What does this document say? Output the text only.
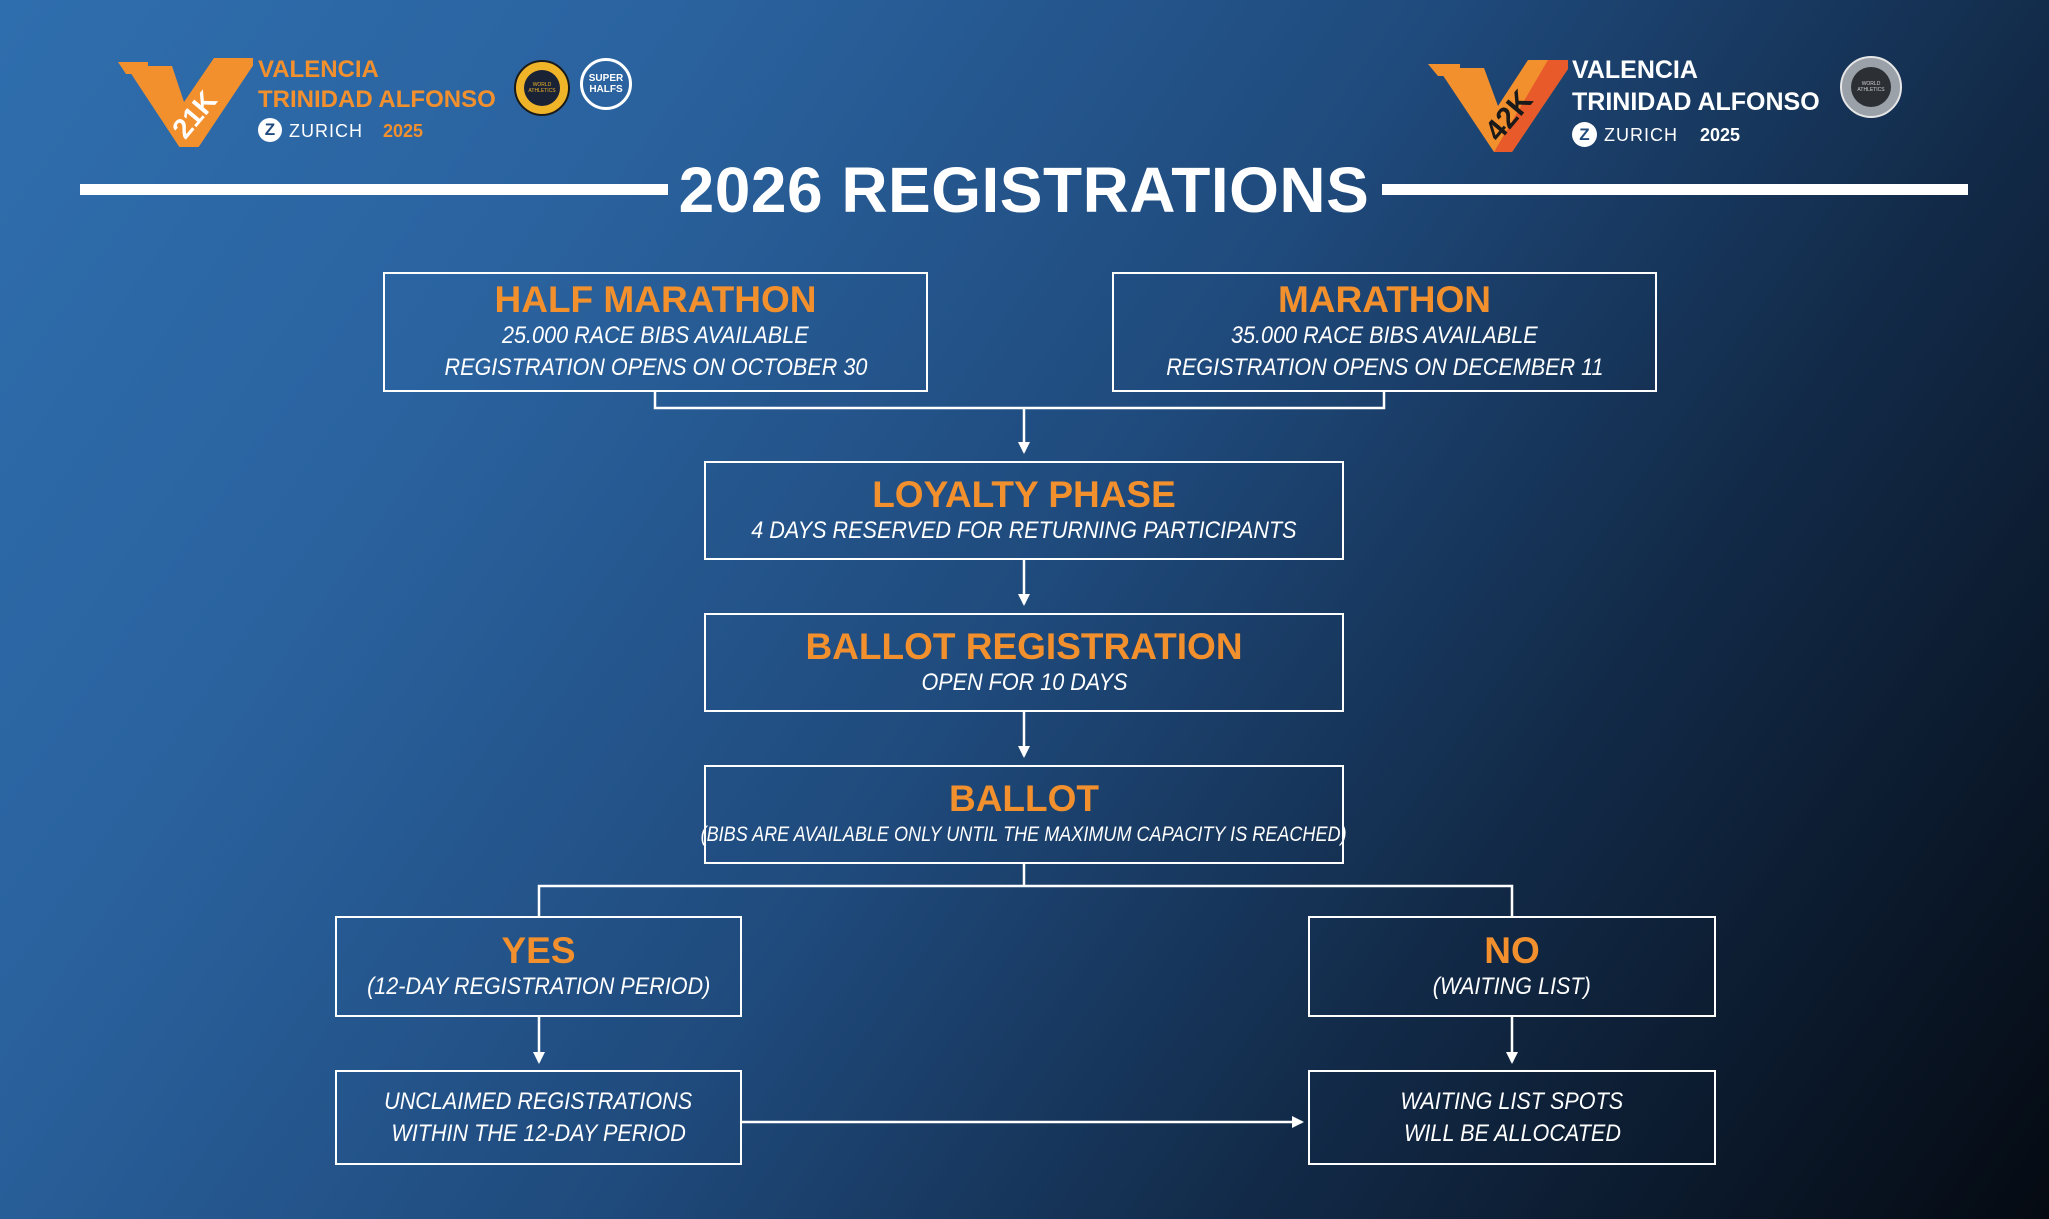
21K
VALENCIA
TRINIDAD ALFONSO
Z ZURICH 2025
WORLD ATHLETICS
SUPER
HALFS	42K
VALENCIA
TRINIDAD ALFONSO
Z ZURICH 2025
WORLD ATHLETICS
2026 REGISTRATIONS
HALF MARATHON
25.000 RACE BIBS AVAILABLE
REGISTRATION OPENS ON OCTOBER 30
MARATHON
35.000 RACE BIBS AVAILABLE
REGISTRATION OPENS ON DECEMBER 11
LOYALTY PHASE
4 DAYS RESERVED FOR RETURNING PARTICIPANTS
BALLOT REGISTRATION
OPEN FOR 10 DAYS
BALLOT
(BIBS ARE AVAILABLE ONLY UNTIL THE MAXIMUM CAPACITY IS REACHED)
YES
(12-DAY REGISTRATION PERIOD)
NO
(WAITING LIST)
UNCLAIMED REGISTRATIONS
WITHIN THE 12-DAY PERIOD
WAITING LIST SPOTS
WILL BE ALLOCATED
